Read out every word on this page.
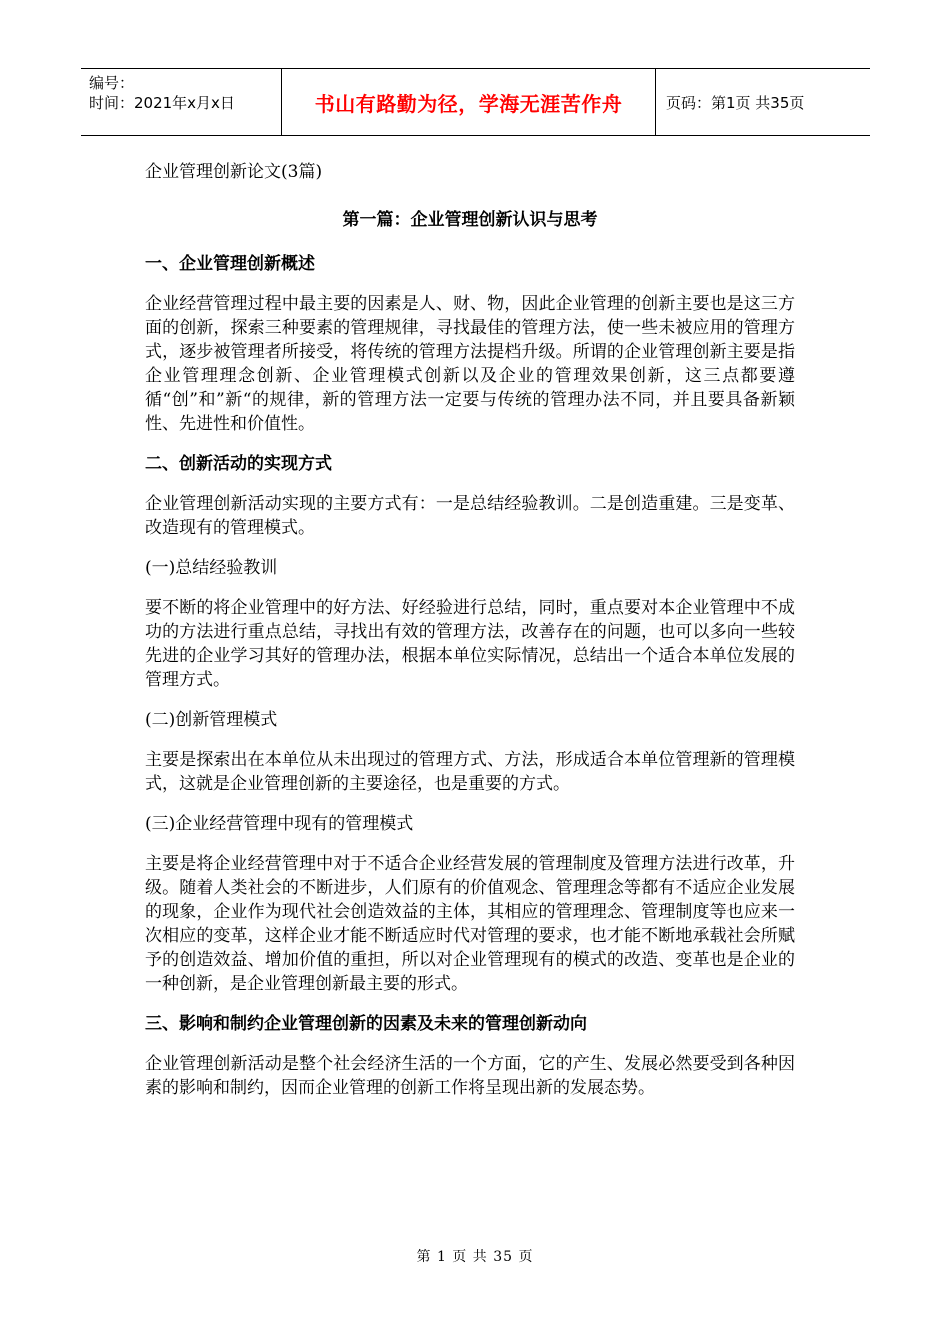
编号：
时间：2021年x月x日	书山有路勤为径，学海无涯苦作舟	页码：第1页 共35页
企业管理创新论文(3篇)
第一篇：企业管理创新认识与思考
一、企业管理创新概述
企业经营管理过程中最主要的因素是人、财、物，因此企业管理的创新主要也是这三方面的创新，探索三种要素的管理规律，寻找最佳的管理方法，使一些未被应用的管理方式，逐步被管理者所接受，将传统的管理方法提档升级。所谓的企业管理创新主要是指企业管理理念创新、企业管理模式创新以及企业的管理效果创新，这三点都要遵循“创”和”新“的规律，新的管理方法一定要与传统的管理办法不同，并且要具备新颖性、先进性和价值性。
二、创新活动的实现方式
企业管理创新活动实现的主要方式有：一是总结经验教训。二是创造重建。三是变革、改造现有的管理模式。
(一)总结经验教训
要不断的将企业管理中的好方法、好经验进行总结，同时，重点要对本企业管理中不成功的方法进行重点总结，寻找出有效的管理方法，改善存在的问题，也可以多向一些较先进的企业学习其好的管理办法，根据本单位实际情况，总结出一个适合本单位发展的管理方式。
(二)创新管理模式
主要是探索出在本单位从未出现过的管理方式、方法，形成适合本单位管理新的管理模式，这就是企业管理创新的主要途径，也是重要的方式。
(三)企业经营管理中现有的管理模式
主要是将企业经营管理中对于不适合企业经营发展的管理制度及管理方法进行改革，升级。随着人类社会的不断进步，人们原有的价值观念、管理理念等都有不适应企业发展的现象，企业作为现代社会创造效益的主体，其相应的管理理念、管理制度等也应来一次相应的变革，这样企业才能不断适应时代对管理的要求，也才能不断地承载社会所赋予的创造效益、增加价值的重担，所以对企业管理现有的模式的改造、变革也是企业的一种创新，是企业管理创新最主要的形式。
三、影响和制约企业管理创新的因素及未来的管理创新动向
企业管理创新活动是整个社会经济生活的一个方面，它的产生、发展必然要受到各种因素的影响和制约，因而企业管理的创新工作将呈现出新的发展态势。
第 1 页 共 35 页
